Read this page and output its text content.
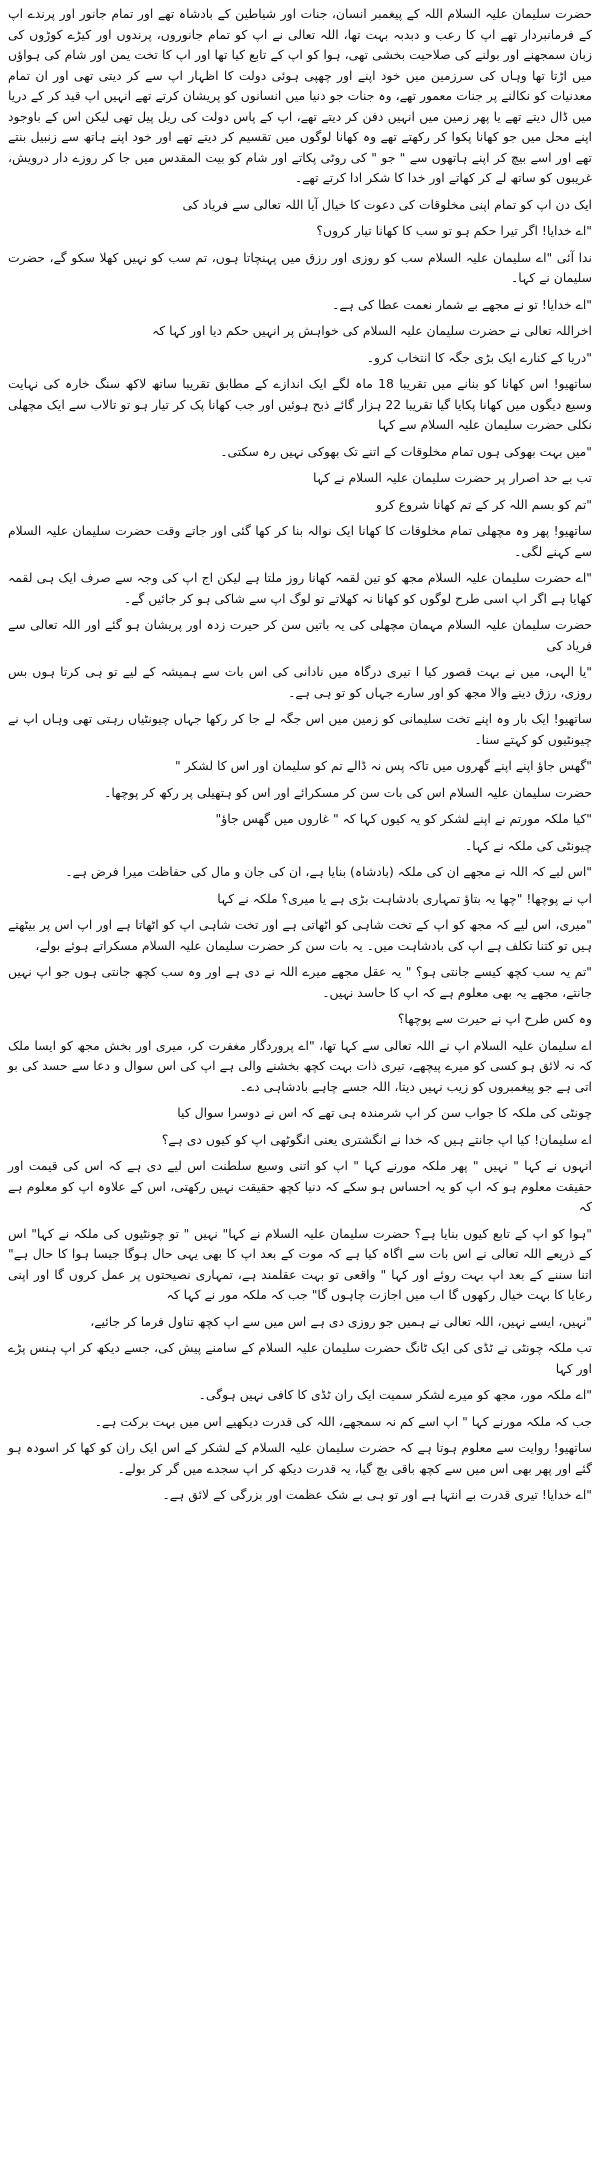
حضرت سلیمان علیہ السلام اللہ کے پیغمبر انسان، جنات اور شیاطین کے بادشاہ تھے اور تمام جانور اور پرندے اپ کے فرمانبردار تھے اپ کا رعب و دبدبہ بہت تھا، اللہ تعالی نے اپ کو تمام جانوروں، پرندوں اور کیڑے کوڑوں کی زبان سمجھنے اور بولنے کی صلاحیت بخشی تھی، ہوا کو اپ کے تابع کیا تھا اور اپ کا تخت یمن اور شام کی ہواؤں میں اڑتا تھا وہاں کی سرزمین میں خود اپنے اور چھپی ہوئی دولت کا اظہار اپ سے کر دیتی تھی اور ان تمام معدنیات کو نکالنے پر جنات معمور تھے، وہ جنات جو دنیا میں انسانوں کو پریشان کرتے تھے انہیں اپ قید کر کے دریا میں ڈال دیتے تھے یا پھر زمین میں انہیں دفن کر دیتے تھے، اپ کے پاس دولت کی ریل پیل تھی لیکن اس کے باوجود اپنے محل میں جو کھانا پکوا کر رکھتے تھے وہ کھانا لوگوں میں تقسیم کر دیتے تھے اور خود اپنے ہاتھ سے زنبیل بنتے تھے اور اسے بیچ کر اپنے ہاتھوں سے " جو " کی روٹی پکاتے اور شام کو بیت المقدس میں جا کر روزے دار درویش، غریبوں کو ساتھ لے کر کھاتے اور خدا کا شکر ادا کرتے تھے۔

ایک دن اپ کو تمام اپنی مخلوقات کی دعوت کا خیال آیا اللہ تعالی سے فریاد کی

"اے خدایا! اگر تیرا حکم ہو تو سب کا کھانا تیار کروں؟

ندا آئی "اے سلیمان علیہ السلام سب کو روزی اور رزق میں پہنچاتا ہوں، تم سب کو نہیں کھلا سکو گے، حضرت سلیمان نے کہا۔

"اے خدایا! تو نے مجھے بے شمار نعمت عطا کی ہے۔

اخراللہ تعالی نے حضرت سلیمان علیہ السلام کی خواہش پر انہیں حکم دیا اور کہا کہ

"دریا کے کنارے ایک بڑی جگہ کا انتخاب کرو۔

ساتھیو! اس کھانا کو بنانے میں تقریبا 18 ماہ لگے ایک اندازے کے مطابق تقریبا ساتھ لاکھ سنگ خارہ کی نہایت وسیع دیگوں میں کھانا پکایا گیا تقریبا 22 ہزار گائے ذبح ہوئیں اور جب کھانا پک کر تیار ہو تو تالاب سے ایک مچھلی نکلی حضرت سلیمان علیہ السلام سے کہا

"میں بہت بھوکی ہوں تمام مخلوقات کے اتنے تک بھوکی نہیں رہ سکتی۔

تب بے حد اصرار پر حضرت سلیمان علیہ السلام نے کہا

"تم کو بسم اللہ کر کے تم کھانا شروع کرو

ساتھیو! پھر وہ مچھلی تمام مخلوقات کا کھانا ایک نوالہ بنا کر کھا گئی اور جاتے وقت حضرت سلیمان علیہ السلام سے کہنے لگی۔

"اے حضرت سلیمان علیہ السلام مجھ کو تین لقمہ کھانا روز ملتا ہے لیکن اج اپ کی وجہ سے صرف ایک ہی لقمہ کھایا ہے اگر اپ اسی طرح لوگوں کو کھانا نہ کھلاتے تو لوگ اپ سے شاکی ہو کر جائیں گے۔

حضرت سلیمان علیہ السلام مہمان مچھلی کی یہ باتیں سن کر حیرت زدہ اور پریشان ہو گئے اور اللہ تعالی سے فریاد کی

"یا الہی، میں نے بہت قصور کیا ا تیری درگاہ میں نادانی کی اس بات سے ہمیشہ کے لیے تو ہی کرتا ہوں بس روزی، رزق دینے والا مجھ کو اور سارے جہاں کو تو ہی ہے۔

ساتھیو! ایک بار وہ اپنے تخت سلیمانی کو زمین میں اس جگہ لے جا کر رکھا جہاں چیونٹیاں رہتی تھی وہاں اپ نے چیونٹیوں کو کہتے سنا۔

"گھس جاؤ اپنے اپنے گھروں میں تاکہ پس نہ ڈالے تم کو سلیمان اور اس کا لشکر "

حضرت سلیمان علیہ السلام اس کی بات سن کر مسکرائے اور اس کو ہتھیلی پر رکھ کر پوچھا۔

"کیا ملکہ مورتم نے اپنے لشکر کو یہ کیوں کہا کہ " غاروں میں گھس جاؤ"

چیونٹی کی ملکہ نے کہا۔

"اس لیے کہ اللہ نے مجھے ان کی ملکہ (بادشاہ) بنایا ہے، ان کی جان و مال کی حفاظت میرا فرض ہے۔

اپ نے پوچھا! "چھا یہ بتاؤ تمہاری بادشاہت بڑی ہے یا میری؟ ملکہ نے کہا

"میری، اس لیے کہ مجھ کو اپ کے تخت شاہی کو اٹھاتی ہے اور تخت شاہی اپ کو اٹھاتا ہے اور اپ اس پر بیٹھتے ہیں تو کتنا تکلف ہے اپ کی بادشاہت میں۔ یہ بات سن کر حضرت سلیمان علیہ السلام مسکراتے ہوئے بولے،

"تم یہ سب کچھ کیسے جانتی ہو؟ " یہ عقل مجھے میرے اللہ نے دی ہے اور وہ سب کچھ جانتی ہوں جو اپ نہیں جانتے، مجھے یہ بھی معلوم ہے کہ اپ کا حاسد نہیں۔

وہ کس طرح اپ نے حیرت سے پوچھا؟

اے سلیمان علیہ السلام اپ نے اللہ تعالی سے کہا تھا، "اے پروردگار مغفرت کر، میری اور بخش مجھ کو ایسا ملک کہ نہ لائق ہو کسی کو میرے پیچھے، تیری ذات بہت کچھ بخشنے والی ہے اپ کی اس سوال و دعا سے حسد کی بو اتی ہے جو پیغمبروں کو زیب نہیں دیتا، اللہ جسے چاہے بادشاہی دے۔

چونٹی کی ملکہ کا جواب سن کر اپ شرمندہ ہی تھے کہ اس نے دوسرا سوال کیا

اے سلیمان! کیا اپ جانتے ہیں کہ خدا نے انگشتری یعنی انگوٹھی اپ کو کیوں دی ہے؟

انہوں نے کہا " نہیں " پھر ملکہ مورنے کہا " اپ کو اتنی وسیع سلطنت اس لیے دی ہے کہ اس کی قیمت اور حقیقت معلوم ہو کہ اپ کو یہ احساس ہو سکے کہ دنیا کچھ حقیقت نہیں رکھتی، اس کے علاوہ اپ کو معلوم ہے کہ

"ہوا کو اپ کے تابع کیوں بنایا ہے؟ حضرت سلیمان علیہ السلام نے کہا" نہیں " تو چونٹیوں کی ملکہ نے کہا" اس کے ذریعے اللہ تعالی نے اس بات سے اگاہ کیا ہے کہ موت کے بعد اپ کا بھی یہی حال ہوگا جیسا ہوا کا حال ہے" اتنا سننے کے بعد اپ بہت روئے اور کہا " واقعی تو بہت عقلمند ہے، تمہاری نصیحتوں پر عمل کروں گا اور اپنی رعایا کا بہت خیال رکھوں گا اب میں اجازت چاہوں گا" جب کہ ملکہ مور نے کہا کہ

"نہیں، ایسے نہیں، اللہ تعالی نے ہمیں جو روزی دی ہے اس میں سے اپ کچھ تناول فرما کر جائیے،

تب ملکہ چونٹی نے ٹڈی کی ایک ٹانگ حضرت سلیمان علیہ السلام کے سامنے پیش کی، جسے دیکھ کر اپ ہنس پڑے اور کہا

"اے ملکہ مور، مجھ کو میرے لشکر سمیت ایک ران ٹڈی کا کافی نہیں ہوگی۔

جب کہ ملکہ مورنے کہا " اپ اسے کم نہ سمجھے، اللہ کی قدرت دیکھیے اس میں بہت برکت ہے۔

ساتھیو! روایت سے معلوم ہوتا ہے کہ حضرت سلیمان علیہ السلام کے لشکر کے اس ایک ران کو کھا کر اسودہ ہو گئے اور پھر بھی اس میں سے کچھ باقی بچ گیا، یہ قدرت دیکھ کر اپ سجدے میں گر کر بولے۔

"اے خدایا! تیری قدرت بے انتہا ہے اور تو ہی بے شک عظمت اور بزرگی کے لائق ہے۔
